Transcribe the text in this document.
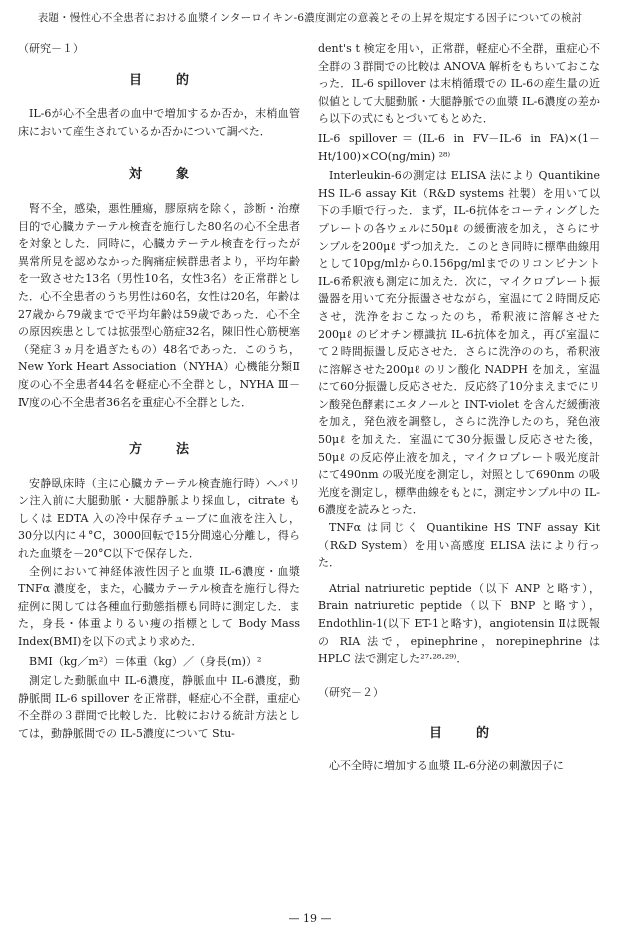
表題・慢性心不全患者における血漿インターロイキン-6濃度測定の意義とその上昇を規定する因子についての検討

（研究－１）

目的

IL-6が心不全患者の血中で増加するか否か，末梢血管床において産生されているか否かについて調べた．

対象

腎不全，感染，悪性腫瘍，膠原病を除く，診断・治療目的で心臓カテーテル検査を施行した80名の心不全患者を対象とした．同時に，心臓カテーテル検査を行ったが異常所見を認めなかった胸痛症候群患者より，平均年齢を一致させた13名（男性10名，女性3名）を正常群とした．心不全患者のうち男性は60名，女性は20名，年齢は27歳から79歳までで平均年齢は59歳であった．心不全の原因疾患としては拡張型心筋症32名，陳旧性心筋梗塞（発症３ヵ月を過ぎたもの）48名であった．このうち，New York Heart Association（NYHA）心機能分類Ⅱ度の心不全患者44名を軽症心不全群とし，NYHA Ⅲ－Ⅳ度の心不全患者36名を重症心不全群とした．

方法

安静臥床時（主に心臓カテーテル検査施行時）へパリン注入前に大腿動脈・大腿静脈より採血し，citrate もしくは EDTA 入の冷中保存チューブに血液を注入し，30分以内に４°C，3000回転で15分間遠心分離し，得られた血漿を－20°C以下で保存した．

全例において神経体液性因子と血漿 IL-6濃度・血漿 TNFα 濃度を，また，心臓カテーテル検査を施行し得た症例に関しては各種血行動態指標も同時に測定した．また，身長・体重よりるい痩の指標として Body Mass Index(BMI)を以下の式より求めた．

BMI（kg／m²）＝体重（kg）／（身長(m)）²

測定した動脈血中 IL-6濃度，静脈血中 IL-6濃度，動静脈間 IL-6 spillover を正常群，軽症心不全群，重症心不全群の３群間で比較した．比較における統計方法としては，動静脈間での IL-5濃度について Stu-

dent's t 検定を用い，正常群，軽症心不全群，重症心不全群の３群間での比較は ANOVA 解析をもちいておこなった．IL-6 spillover は末梢循環での IL-6の産生量の近似値として大腿動脈・大腿静脈での血漿 IL-6濃度の差から以下の式にもとづいてもとめた．

IL-6 spillover＝(IL-6 in FV－IL-6 in FA)×(1－Ht/100)×CO(ng/min) ²⁸⁾

Interleukin-6の測定は ELISA 法により Quantikine HS IL-6 assay Kit（R&D systems 社製）を用いて以下の手順で行った．まず，IL-6抗体をコーティングしたプレートの各ウェルに50μℓ の緩衝液を加え，さらにサンプルを200μℓ ずつ加えた．このとき同時に標準曲線用として10pg/mlから0.156pg/mlまでのリコンビナント IL-6希釈液も測定に加えた．次に，マイクロプレート振盪器を用いて充分振盪させながら，室温にて２時間反応させ，洗浄をおこなったのち，希釈液に溶解させた200μℓ のビオチン標識抗 IL-6抗体を加え，再び室温にて２時間振盪し反応させた．さらに洗浄ののち，希釈液に溶解させた200μℓ のリン酸化 NADPH を加え，室温にて60分振盪し反応させた．反応終了10分まえまでにリン酸発色酵素にエタノールと INT-violet を含んだ緩衝液を加え，発色液を調整し，さらに洗浄したのち，発色液50μℓ を加えた．室温にて30分振盪し反応させた後，50μℓ の反応停止液を加え，マイクロプレート吸光度計にて490nm の吸光度を測定し，対照として690nm の吸光度を測定し，標準曲線をもとに，測定サンプル中の IL-6濃度を読みとった．

TNFα は同じく Quantikine HS TNF assay Kit（R&D System）を用い高感度 ELISA 法により行った．

Atrial natriuretic peptide（以下 ANP と略す），Brain natriuretic peptide（以下 BNP と略す），Endothlin-1(以下 ET-1と略す)，angiotensin Ⅱは既報の RIA 法で，epinephrine，norepinephrine は HPLC 法で測定した²⁷·²⁸·²⁹⁾．

（研究－２）

目的

心不全時に増加する血漿 IL-6分泌の刺激因子に

— 19 —
